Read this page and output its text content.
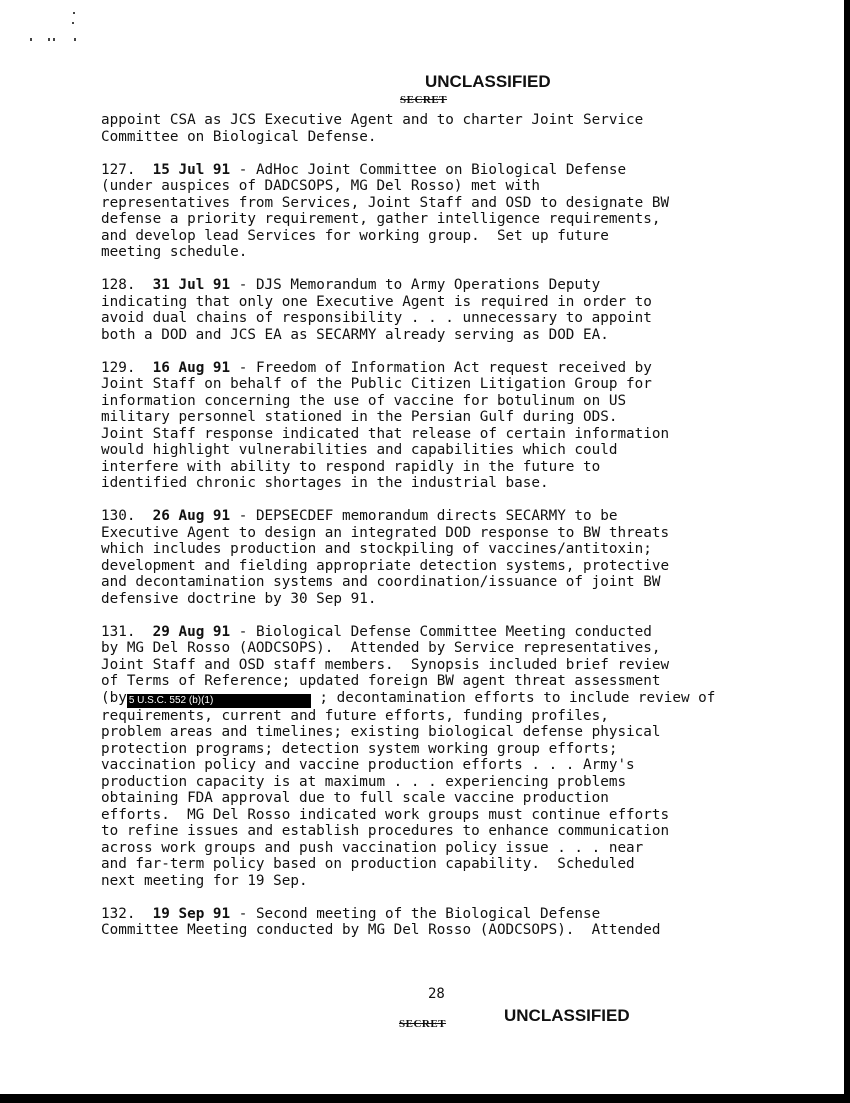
UNCLASSIFIED
SECRET
appoint CSA as JCS Executive Agent and to charter Joint Service
Committee on Biological Defense.
127. 15 Jul 91 - AdHoc Joint Committee on Biological Defense
(under auspices of DADCSOPS, MG Del Rosso) met with
representatives from Services, Joint Staff and OSD to designate BW
defense a priority requirement, gather intelligence requirements,
and develop lead Services for working group.  Set up future
meeting schedule.
128. 31 Jul 91 - DJS Memorandum to Army Operations Deputy
indicating that only one Executive Agent is required in order to
avoid dual chains of responsibility . . . unnecessary to appoint
both a DOD and JCS EA as SECARMY already serving as DOD EA.
129. 16 Aug 91 - Freedom of Information Act request received by
Joint Staff on behalf of the Public Citizen Litigation Group for
information concerning the use of vaccine for botulinum on US
military personnel stationed in the Persian Gulf during ODS.
Joint Staff response indicated that release of certain information
would highlight vulnerabilities and capabilities which could
interfere with ability to respond rapidly in the future to
identified chronic shortages in the industrial base.
130. 26 Aug 91 - DEPSECDEF memorandum directs SECARMY to be
Executive Agent to design an integrated DOD response to BW threats
which includes production and stockpiling of vaccines/antitoxin;
development and fielding appropriate detection systems, protective
and decontamination systems and coordination/issuance of joint BW
defensive doctrine by 30 Sep 91.
131. 29 Aug 91 - Biological Defense Committee Meeting conducted
by MG Del Rosso (AODCSOPS).  Attended by Service representatives,
Joint Staff and OSD staff members.  Synopsis included brief review
of Terms of Reference; updated foreign BW agent threat assessment
(by 5 U.S.C. 552 (b)(1)	; decontamination efforts to include review of
requirements, current and future efforts, funding profiles,
problem areas and timelines; existing biological defense physical
protection programs; detection system working group efforts;
vaccination policy and vaccine production efforts . . . Army's
production capacity is at maximum . . . experiencing problems
obtaining FDA approval due to full scale vaccine production
efforts.  MG Del Rosso indicated work groups must continue efforts
to refine issues and establish procedures to enhance communication
across work groups and push vaccination policy issue . . . near
and far-term policy based on production capability.  Scheduled
next meeting for 19 Sep.
132. 19 Sep 91 - Second meeting of the Biological Defense
Committee Meeting conducted by MG Del Rosso (AODCSOPS).  Attended
28
SECRET	UNCLASSIFIED
